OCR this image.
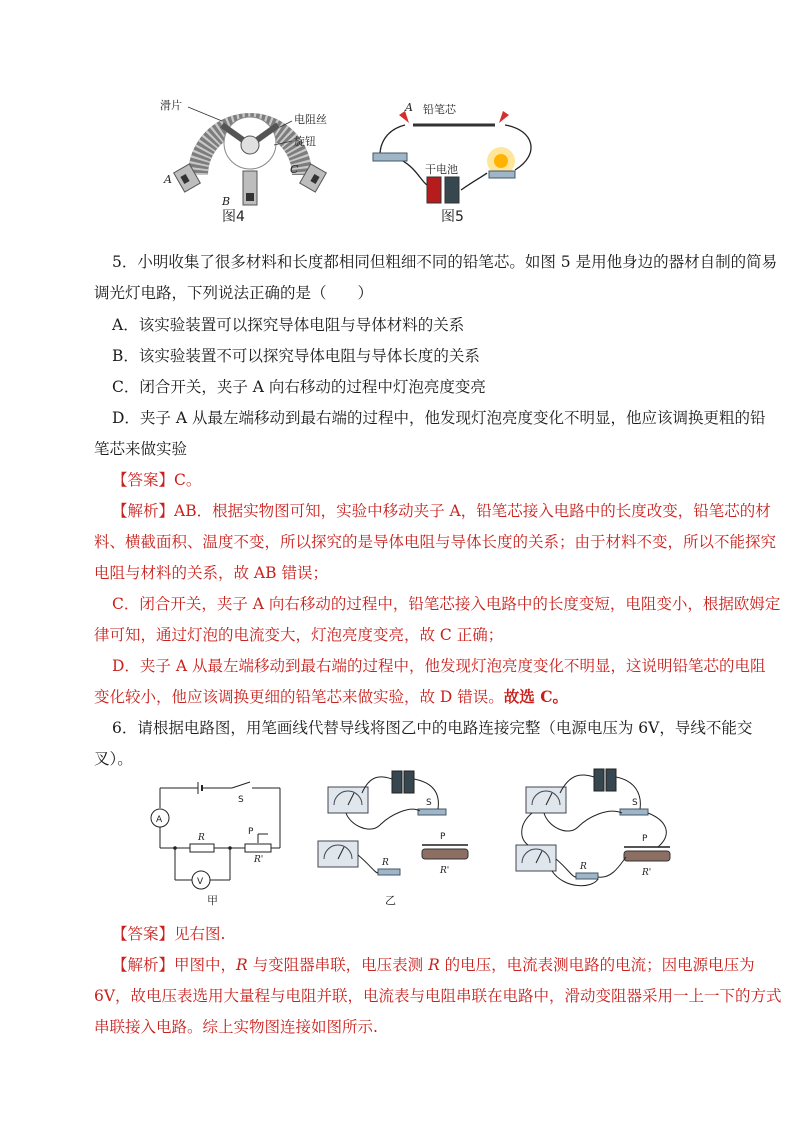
滑片
电阻丝
旋钮
A
B
C
图4
A 铅笔芯
干电池
图5
5．小明收集了很多材料和长度都相同但粗细不同的铅笔芯。如图 5 是用他身边的器材自制的简易
调光灯电路，下列说法正确的是（　　）
A．该实验装置可以探究导体电阻与导体材料的关系
B．该实验装置不可以探究导体电阻与导体长度的关系
C．闭合开关，夹子 A 向右移动的过程中灯泡亮度变亮
D．夹子 A 从最左端移动到最右端的过程中，他发现灯泡亮度变化不明显，他应该调换更粗的铅
笔芯来做实验
【答案】C。
【解析】AB．根据实物图可知，实验中移动夹子 A，铅笔芯接入电路中的长度改变，铅笔芯的材
料、横截面积、温度不变，所以探究的是导体电阻与导体长度的关系；由于材料不变，所以不能探究
电阻与材料的关系，故 AB 错误；
C．闭合开关，夹子 A 向右移动的过程中，铅笔芯接入电路中的长度变短，电阻变小，根据欧姆定
律可知，通过灯泡的电流变大，灯泡亮度变亮，故 C 正确；
D．夹子 A 从最左端移动到最右端的过程中，他发现灯泡亮度变化不明显，这说明铅笔芯的电阻
变化较小，他应该调换更细的铅笔芯来做实验，故 D 错误。故选 C。
6．请根据电路图，用笔画线代替导线将图乙中的电路连接完整（电源电压为 6V，导线不能交
叉）。
A
V
R
R'
P
S
甲
S
P
R
R'
乙
S
P
R
R'
【答案】见右图.
【解析】甲图中，R 与变阻器串联，电压表测 R 的电压，电流表测电路的电流；因电源电压为
6V，故电压表选用大量程与电阻并联，电流表与电阻串联在电路中，滑动变阻器采用一上一下的方式
串联接入电路。综上实物图连接如图所示.
